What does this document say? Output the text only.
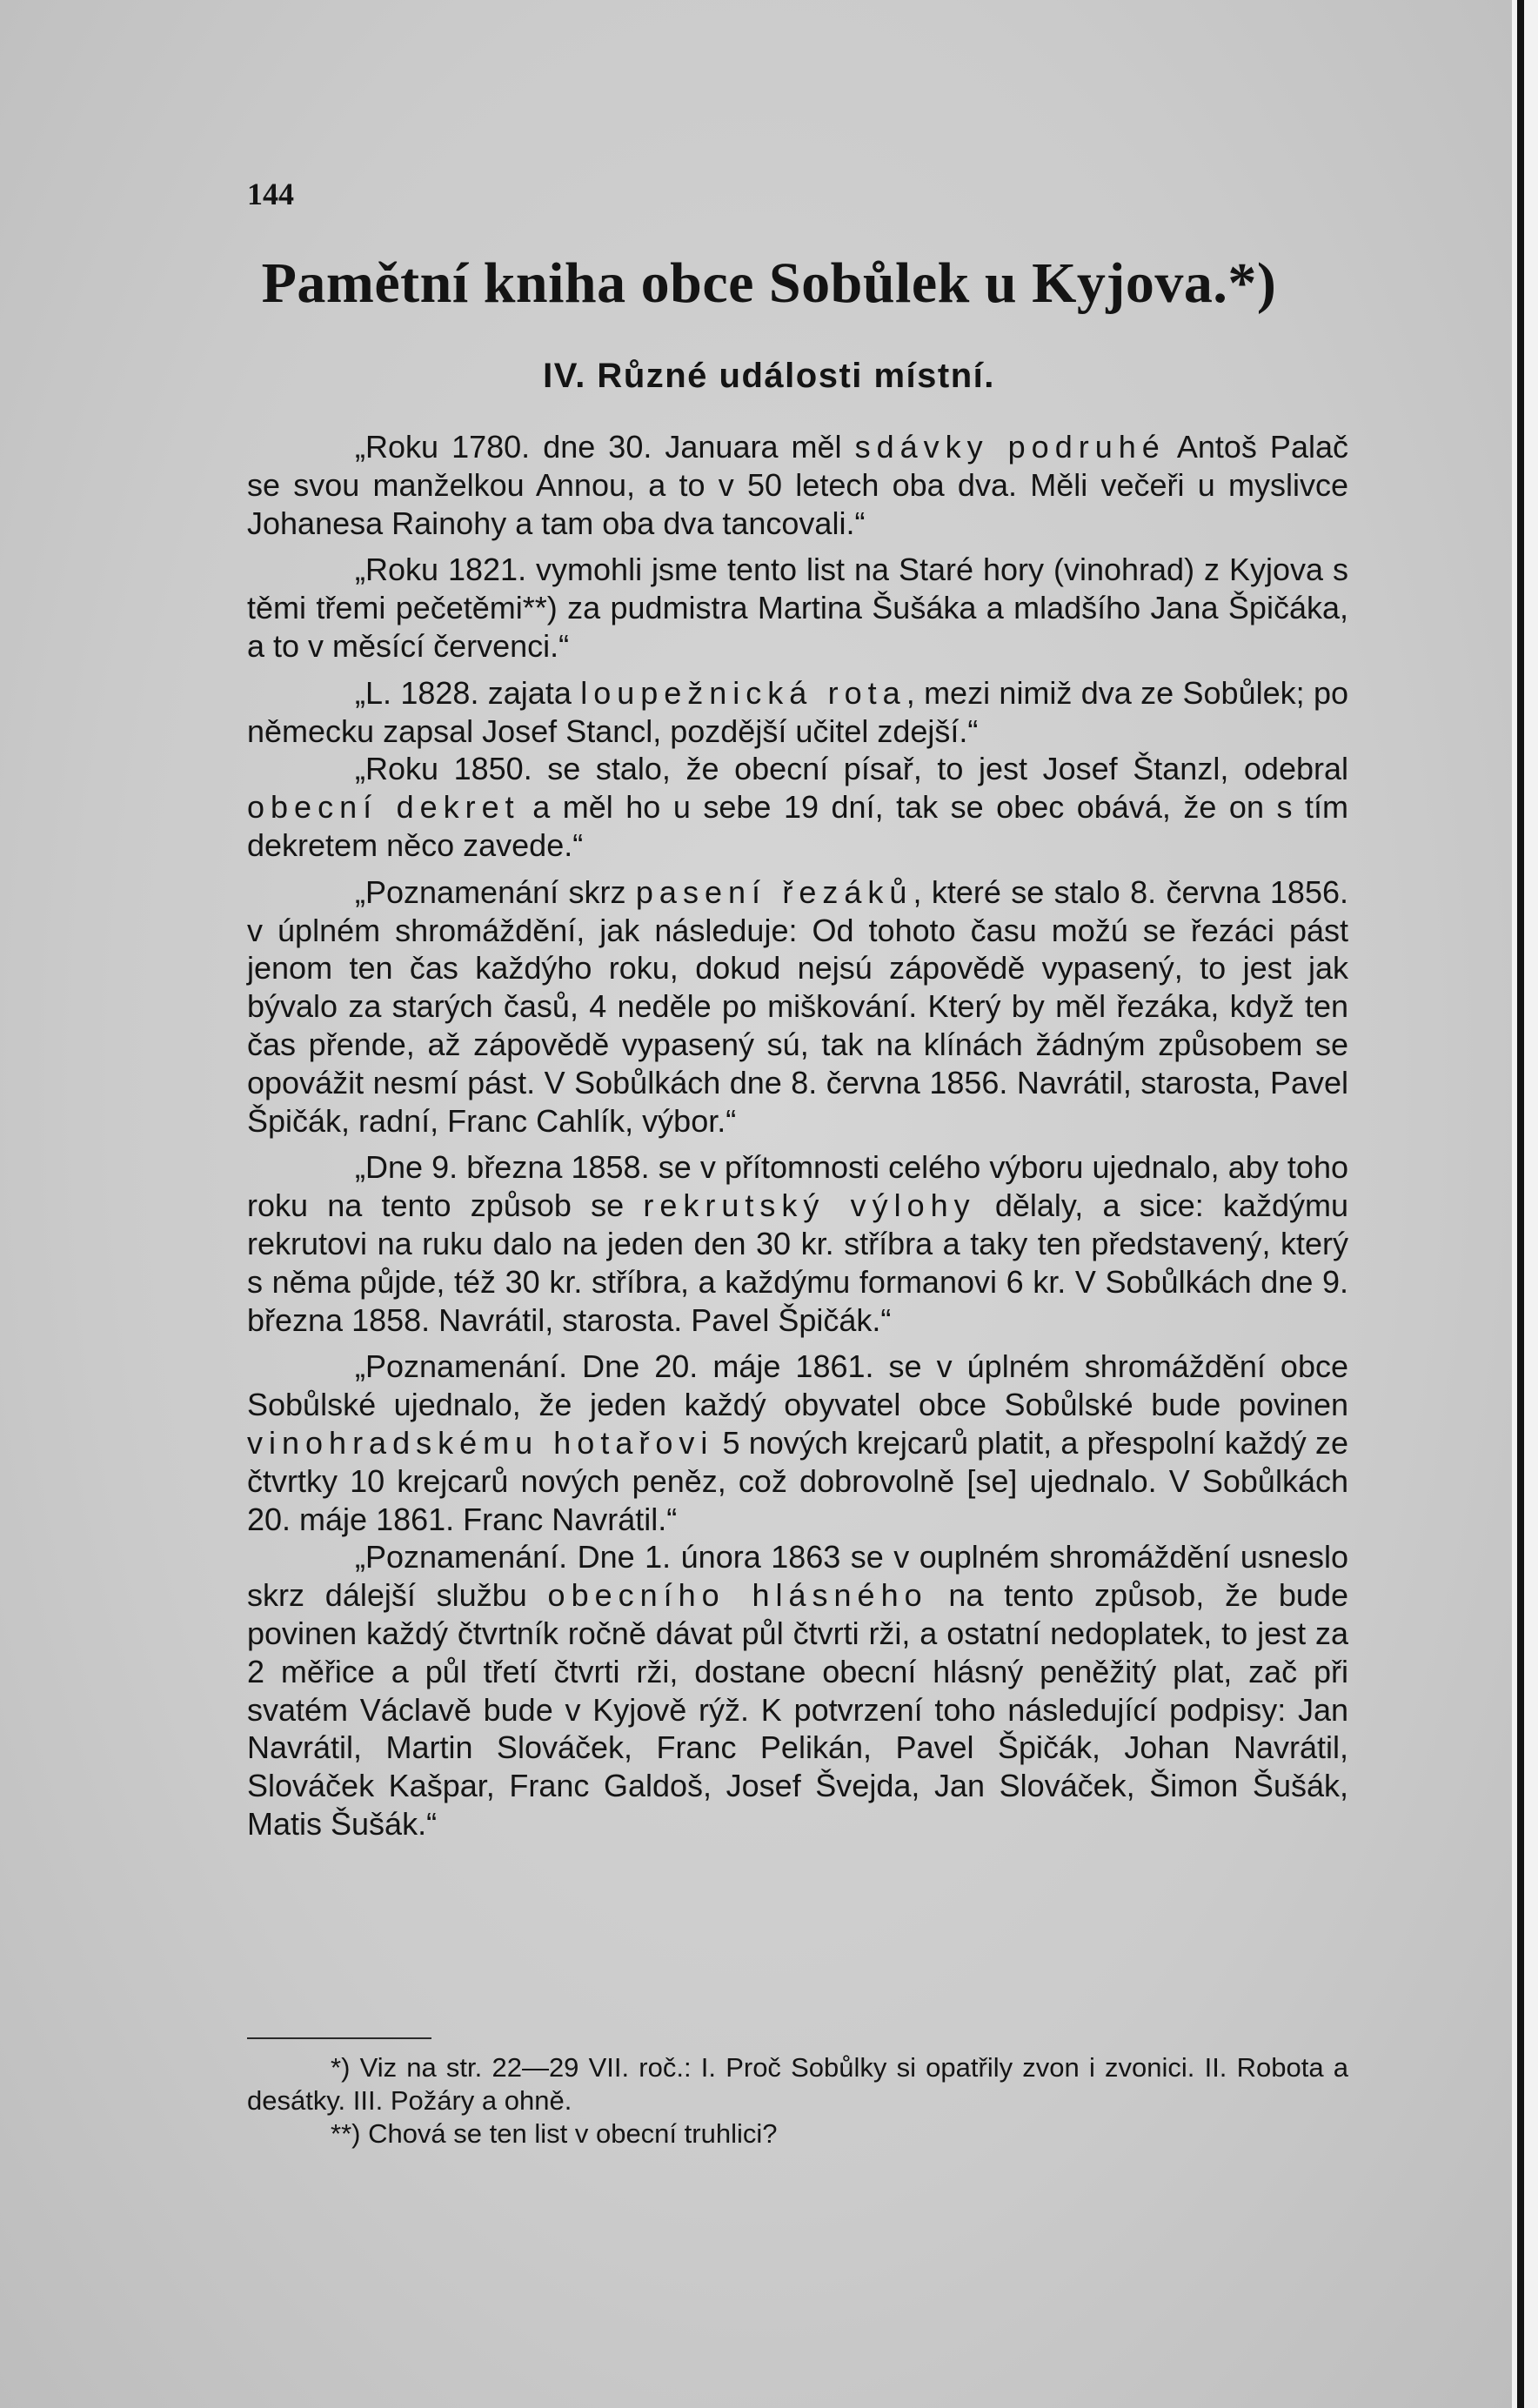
144
Pamětní kniha obce Sobůlek u Kyjova.*)
IV. Různé události místní.

„Roku 1780. dne 30. Januara měl sdávky podruhé Antoš Palač se svou manželkou Annou, a to v 50 letech oba dva. Měli večeři u myslivce Johanesa Rainohy a tam oba dva tancovali.“

„Roku 1821. vymohli jsme tento list na Staré hory (vinohrad) z Kyjova s těmi třemi pečetěmi**) za pudmistra Martina Šušáka a mladšího Jana Špičáka, a to v měsící červenci.“

„L. 1828. zajata loupežnická rota, mezi nimiž dva ze Sobůlek; po německu zapsal Josef Stancl, pozdější učitel zdejší.“

„Roku 1850. se stalo, že obecní písař, to jest Josef Štanzl, odebral obecní dekret a měl ho u sebe 19 dní, tak se obec obává, že on s tím dekretem něco zavede.“

„Poznamenání skrz pasení řezáků, které se stalo 8. června 1856. v úplném shromáždění, jak následuje: Od tohoto času možú se řezáci pást jenom ten čas každýho roku, dokud nejsú zápovědě vypasený, to jest jak bývalo za starých časů, 4 neděle po miškování. Který by měl řezáka, když ten čas přende, až zápovědě vypasený sú, tak na klínách žádným způsobem se opovážit nesmí pást. V Sobůlkách dne 8. června 1856. Navrátil, starosta, Pavel Špičák, radní, Franc Cahlík, výbor.“

„Dne 9. března 1858. se v přítomnosti celého výboru ujednalo, aby toho roku na tento způsob se rekrutský výlohy dělaly, a sice: každýmu rekrutovi na ruku dalo na jeden den 30 kr. stříbra a taky ten představený, který s něma půjde, též 30 kr. stříbra, a každýmu formanovi 6 kr. V Sobůlkách dne 9. března 1858. Navrátil, starosta. Pavel Špičák.“

„Poznamenání. Dne 20. máje 1861. se v úplném shromáždění obce Sobůlské ujednalo, že jeden každý obyvatel obce Sobůlské bude povinen vinohradskému hotařovi 5 nových krejcarů platit, a přespolní každý ze čtvrtky 10 krejcarů nových peněz, což dobrovolně [se] ujednalo. V Sobůlkách 20. máje 1861. Franc Navrátil.“

„Poznamenání. Dne 1. února 1863 se v ouplném shromáždění usneslo skrz dálejší službu obecního hlásného na tento způsob, že bude povinen každý čtvrtník ročně dávat půl čtvrti rži, a ostatní nedoplatek, to jest za 2 měřice a půl třetí čtvrti rži, dostane obecní hlásný peněžitý plat, zač při svatém Václavě bude v Kyjově rýž. K potvrzení toho následující podpisy: Jan Navrátil, Martin Slováček, Franc Pelikán, Pavel Špičák, Johan Navrátil, Slováček Kašpar, Franc Galdoš, Josef Švejda, Jan Slováček, Šimon Šušák, Matis Šušák.“

*) Viz na str. 22—29 VII. roč.: I. Proč Sobůlky si opatřily zvon i zvonici. II. Robota a desátky. III. Požáry a ohně.

**) Chová se ten list v obecní truhlici?
